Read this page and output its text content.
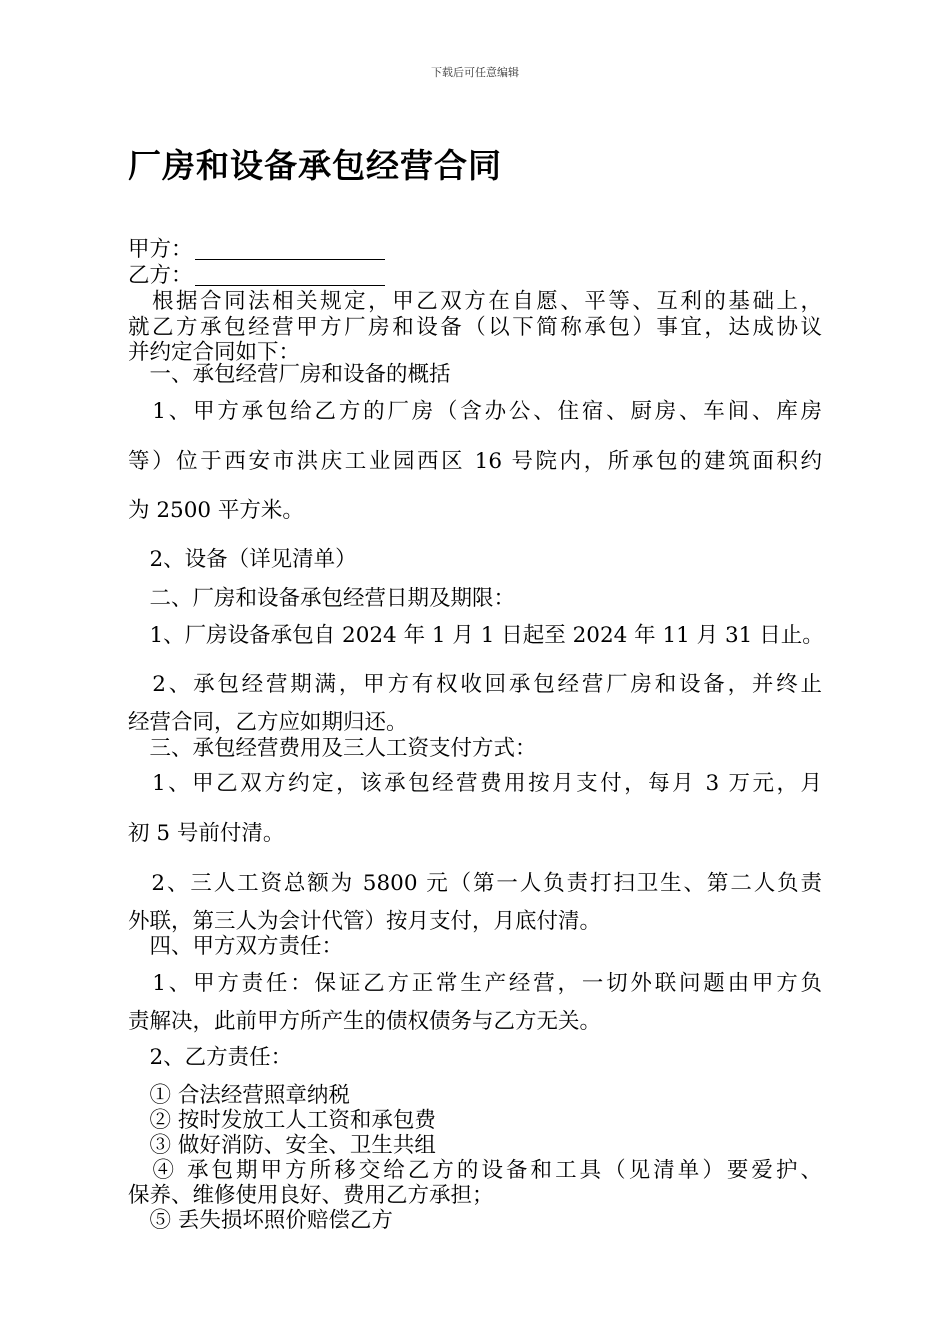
下载后可任意编辑
厂房和设备承包经营合同
甲方：
乙方：
　根据合同法相关规定，甲乙双方在自愿、平等、互利的基础上，
就乙方承包经营甲方厂房和设备（以下简称承包）事宜，达成协议
并约定合同如下：
　一、承包经营厂房和设备的概括
　1、甲方承包给乙方的厂房（含办公、住宿、厨房、车间、库房
等）位于西安市洪庆工业园西区 16 号院内，所承包的建筑面积约
为 2500 平方米。
　2、设备（详见清单）
　二、厂房和设备承包经营日期及期限：
　1、厂房设备承包自 2024 年 1 月 1 日起至 2024 年 11 月 31 日止。
　2、承包经营期满，甲方有权收回承包经营厂房和设备，并终止
经营合同，乙方应如期归还。
　三、承包经营费用及三人工资支付方式：
　1、甲乙双方约定，该承包经营费用按月支付，每月 3 万元，月
初 5 号前付清。
　2、三人工资总额为 5800 元（第一人负责打扫卫生、第二人负责
外联，第三人为会计代管）按月支付，月底付清。
　四、甲方双方责任：
　1、甲方责任：保证乙方正常生产经营，一切外联问题由甲方负
责解决，此前甲方所产生的债权债务与乙方无关。
　2、乙方责任：
　① 合法经营照章纳税
　② 按时发放工人工资和承包费
　③ 做好消防、安全、卫生共组
　④ 承包期甲方所移交给乙方的设备和工具（见清单）要爱护、
保养、维修使用良好、费用乙方承担；
　⑤ 丢失损坏照价赔偿乙方
